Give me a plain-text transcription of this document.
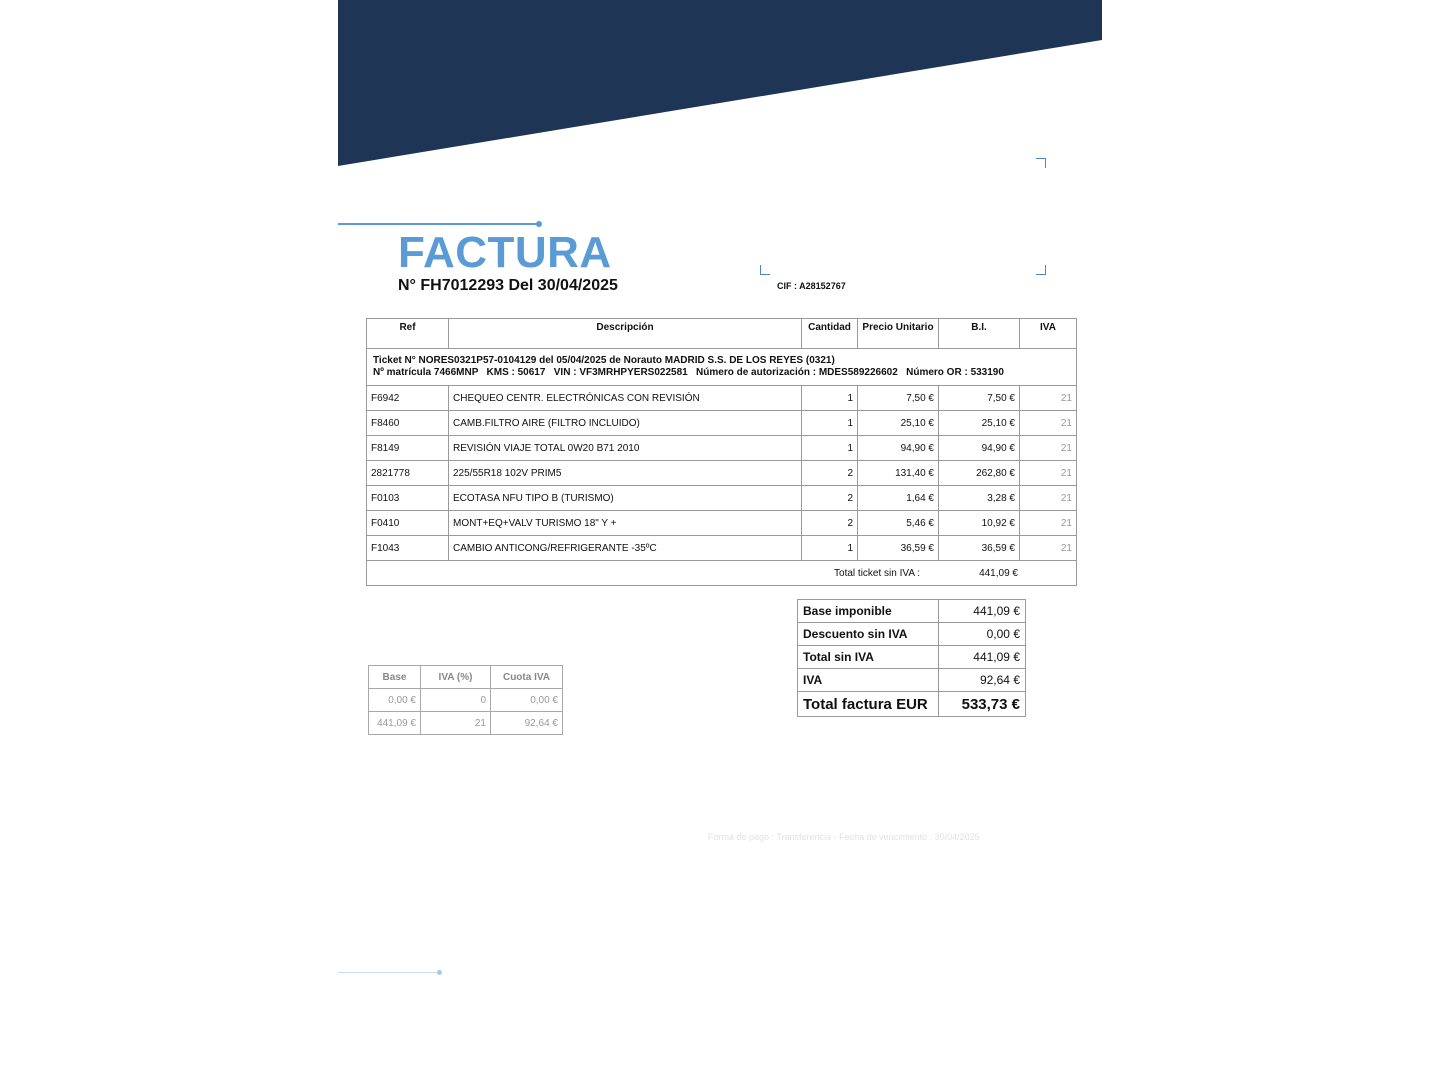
FACTURA
N° FH7012293 Del 30/04/2025	CIF : A28152767
Ref	Descripción	Cantidad	Precio Unitario	B.I.	IVA

Ticket N° NORES0321P57-0104129 del 05/04/2025 de Norauto MADRID S.S. DE LOS REYES (0321)
Nº matrícula 7466MNP   KMS : 50617   VIN : VF3MRHPYERS022581   Número de autorización : MDES589226602   Número OR : 533190					

F6942	CHEQUEO CENTR. ELECTRÓNICAS CON REVISIÓN	1	7,50 €	7,50 €	21
F8460	CAMB.FILTRO AIRE (FILTRO INCLUIDO)	1	25,10 €	25,10 €	21
F8149	REVISIÓN VIAJE TOTAL 0W20 B71 2010	1	94,90 €	94,90 €	21
2821778	225/55R18 102V PRIM5	2	131,40 €	262,80 €	21
F0103	ECOTASA NFU TIPO B (TURISMO)	2	1,64 €	3,28 €	21
F0410	MONT+EQ+VALV TURISMO 18" Y +	2	5,46 €	10,92 €	21
F1043	CAMBIO ANTICONG/REFRIGERANTE -35ºC	1	36,59 €	36,59 €	21
Total ticket sin IVA : 441,09 €					
Base imponible	441,09 €
Descuento sin IVA	0,00 €
Total sin IVA	441,09 €
IVA	92,64 €
Total factura EUR	533,73 €
Base	IVA (%)	Cuota IVA
0,00 €	0	0,00 €
441,09 €	21	92,64 €
Forma de pago : Transferencia - Fecha de vencimiento : 30/04/2025
